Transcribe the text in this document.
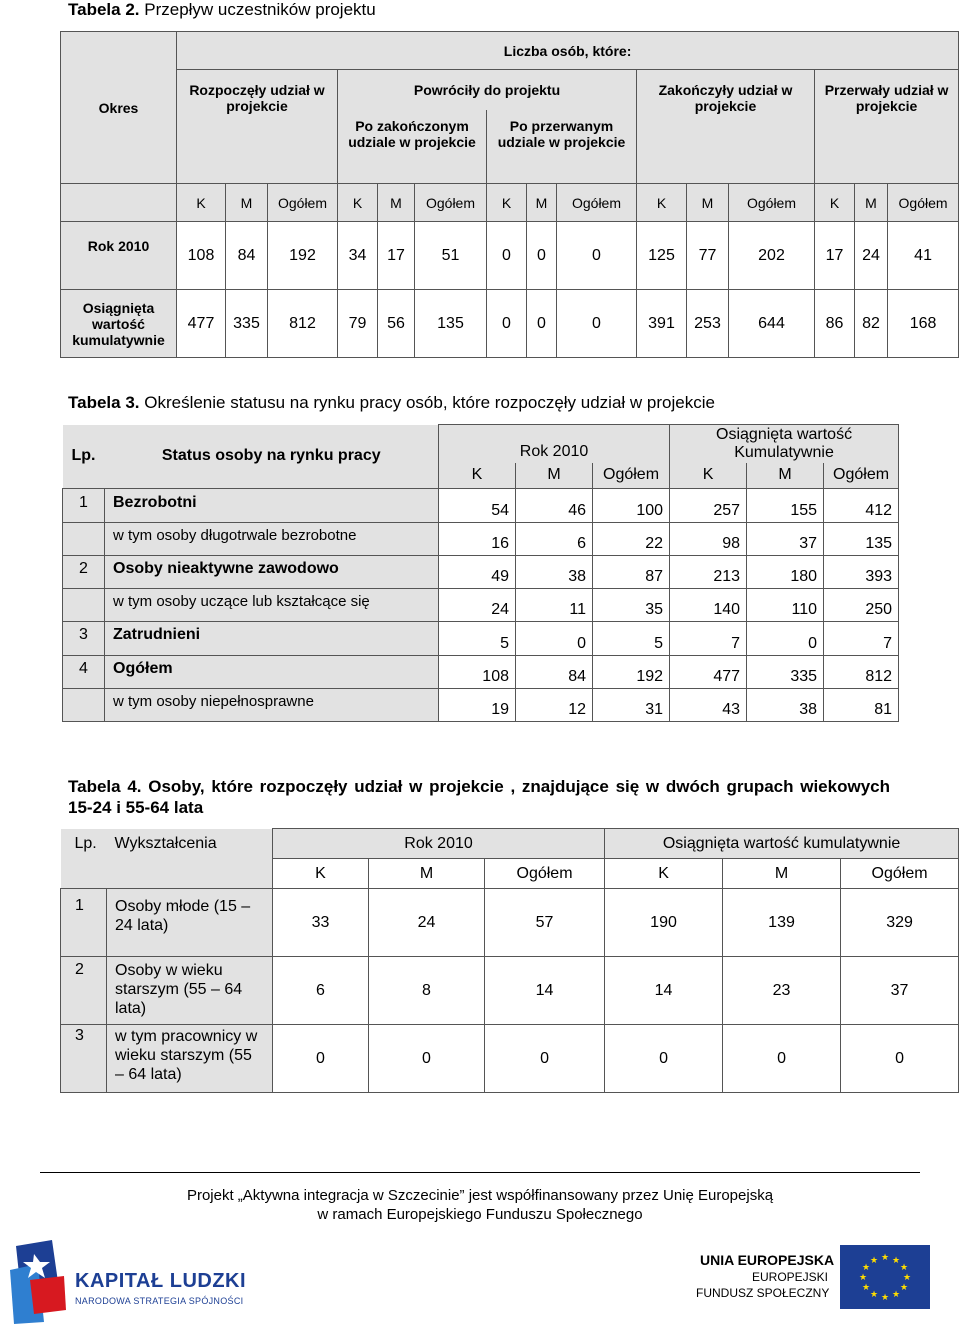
Tabela 2. Przepływ uczestników projektu
Okres	Liczba osób, które:														
	Rozpoczęły udział w projekcie			Powróciły do projektu						Zakończyły udział w projekcie			Przerwały udział w projekcie		
				Po zakończonym udziale w projekcie			Po przerwanym udziale w projekcie								
	K	M	Ogółem	K	M	Ogółem	K	M	Ogółem	K	M	Ogółem	K	M	Ogółem
Rok 2010	108	84	192	34	17	51	0	0	0	125	77	202	17	24	41
Osiągnięta wartość kumulatywnie	477	335	812	79	56	135	0	0	0	391	253	644	86	82	168
Tabela 3. Określenie statusu na rynku pracy osób, które rozpoczęły udział w projekcie
Lp.	Status osoby na rynku pracy	Rok 2010			Osiągnięta wartość Kumulatywnie		
		K	M	Ogółem	K	M	Ogółem
1	Bezrobotni	54	46	100	257	155	412
	w tym osoby długotrwale bezrobotne	16	6	22	98	37	135
2	Osoby nieaktywne zawodowo	49	38	87	213	180	393
	w tym osoby uczące lub kształcące się	24	11	35	140	110	250
3	Zatrudnieni	5	0	5	7	0	7
4	Ogółem	108	84	192	477	335	812
	w tym osoby niepełnosprawne	19	12	31	43	38	81
Tabela 4. Osoby, które rozpoczęły udział w projekcie , znajdujące się w dwóch grupach wiekowych 15-24 i 55-64 lata
Lp.	Wykształcenia	Rok 2010			Osiągnięta wartość kumulatywnie		
		K	M	Ogółem	K	M	Ogółem
1	Osoby młode (15 – 24 lata)	33	24	57	190	139	329
2	Osoby w wieku starszym (55 – 64 lata)	6	8	14	14	23	37
3	w tym pracownicy w wieku starszym (55 – 64 lata)	0	0	0	0	0	0
Projekt „Aktywna integracja w Szczecinie” jest współfinansowany przez Unię Europejską
w ramach Europejskiego Funduszu Społecznego
KAPITAŁ LUDZKI
NARODOWA STRATEGIA SPÓJNOŚCI
UNIA EUROPEJSKA
EUROPEJSKI
FUNDUSZ SPOŁECZNY
★ ★
★
★
★
★
★
★
★
★
★
★
